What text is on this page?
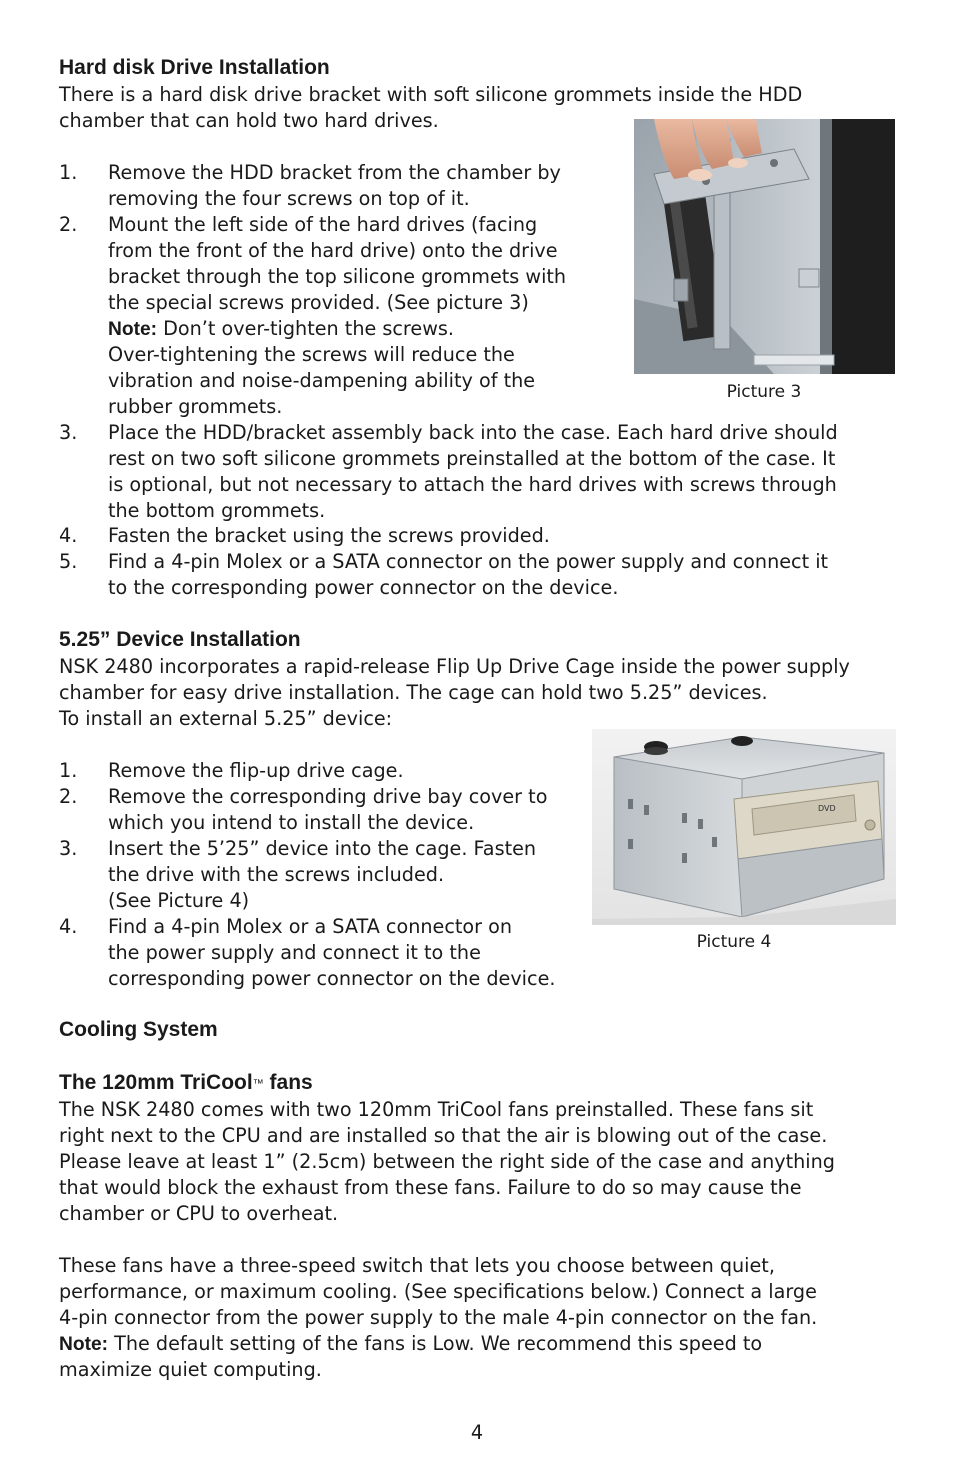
Hard disk Drive Installation
There is a hard disk drive bracket with soft silicone grommets inside the HDD
chamber that can hold two hard drives.
1. Remove the HDD bracket from the chamber by
removing the four screws on top of it.
2. Mount the left side of the hard drives (facing
from the front of the hard drive) onto the drive
bracket through the top silicone grommets with
the special screws provided. (See picture 3)
Note: Don’t over-tighten the screws.
Over-tightening the screws will reduce the
vibration and noise-dampening ability of the
rubber grommets.
3. Place the HDD/bracket assembly back into the case. Each hard drive should
rest on two soft silicone grommets preinstalled at the bottom of the case. It
is optional, but not necessary to attach the hard drives with screws through
the bottom grommets.
4. Fasten the bracket using the screws provided.
5. Find a 4-pin Molex or a SATA connector on the power supply and connect it
to the corresponding power connector on the device.
Picture 3
5.25” Device Installation
NSK 2480 incorporates a rapid-release Flip Up Drive Cage inside the power supply
chamber for easy drive installation. The cage can hold two 5.25” devices.
To install an external 5.25” device:
1. Remove the flip-up drive cage.
2. Remove the corresponding drive bay cover to
which you intend to install the device.
3. Insert the 5’25” device into the cage. Fasten
the drive with the screws included.
(See Picture 4)
4. Find a 4-pin Molex or a SATA connector on
the power supply and connect it to the
corresponding power connector on the device.
DVD
Picture 4
Cooling System
The 120mm TriCool™ fans
The NSK 2480 comes with two 120mm TriCool fans preinstalled. These fans sit
right next to the CPU and are installed so that the air is blowing out of the case.
Please leave at least 1” (2.5cm) between the right side of the case and anything
that would block the exhaust from these fans. Failure to do so may cause the
chamber or CPU to overheat.
These fans have a three-speed switch that lets you choose between quiet,
performance, or maximum cooling. (See specifications below.) Connect a large
4-pin connector from the power supply to the male 4-pin connector on the fan.
Note: The default setting of the fans is Low. We recommend this speed to
maximize quiet computing.
4
